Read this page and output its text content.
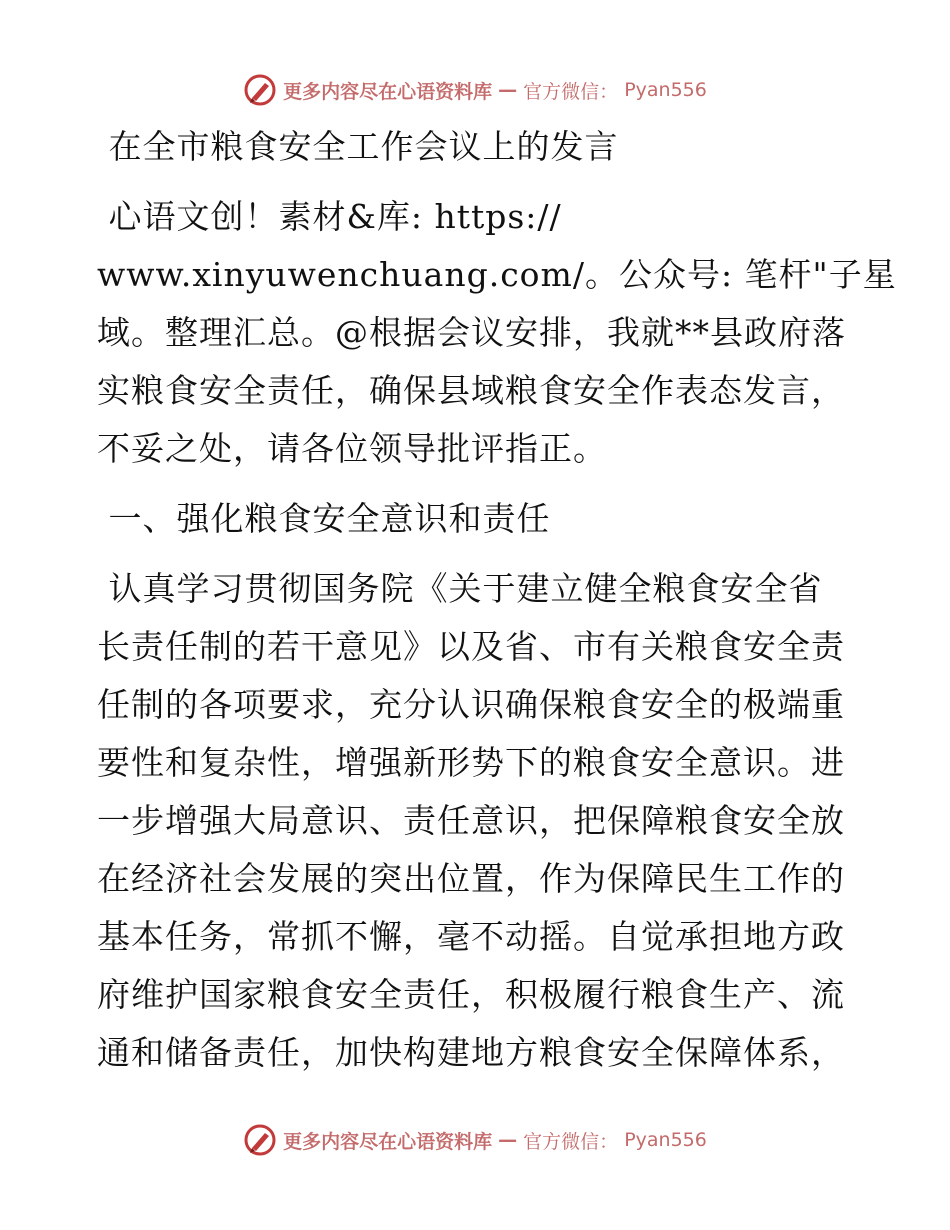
更多内容尽在心语资料库 — 官方微信： Pyan556
在全市粮食安全工作会议上的发言
心语文创！素材&库: https://
www.xinyuwenchuang.com/。公众号: 笔杆"子星
域。整理汇总。@根据会议安排，我就**县政府落
实粮食安全责任，确保县域粮食安全作表态发言，
不妥之处，请各位领导批评指正。
一、强化粮食安全意识和责任
认真学习贯彻国务院《关于建立健全粮食安全省
长责任制的若干意见》以及省、市有关粮食安全责
任制的各项要求，充分认识确保粮食安全的极端重
要性和复杂性，增强新形势下的粮食安全意识。进
一步增强大局意识、责任意识，把保障粮食安全放
在经济社会发展的突出位置，作为保障民生工作的
基本任务，常抓不懈，毫不动摇。自觉承担地方政
府维护国家粮食安全责任，积极履行粮食生产、流
通和储备责任，加快构建地方粮食安全保障体系，
更多内容尽在心语资料库 — 官方微信： Pyan556
